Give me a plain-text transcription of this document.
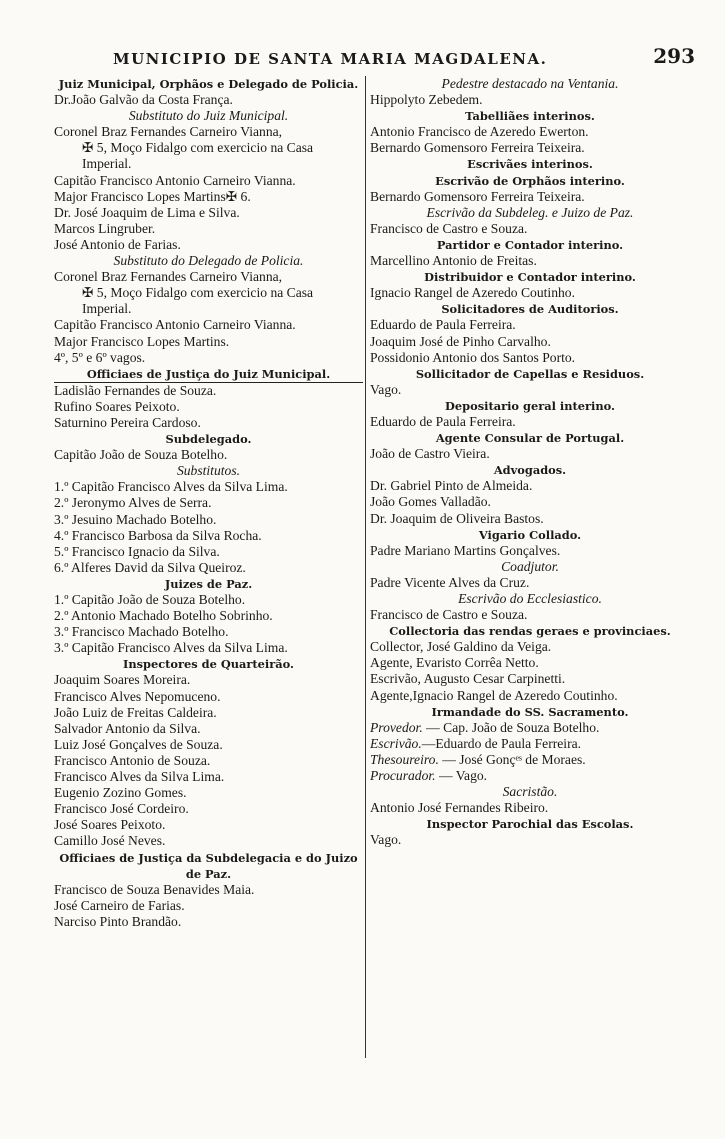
MUNICIPIO DE SANTA MARIA MAGDALENA.	293
Juiz Municipal, Orphãos e Delegado de Policia.
Dr.João Galvão da Costa França.
Substituto do Juiz Municipal.
Coronel Braz Fernandes Carneiro Vianna,
✠ 5, Moço Fidalgo com exercicio na Casa
Imperial.
Capitão Francisco Antonio Carneiro Vianna.
Major Francisco Lopes Martins✠ 6.
Dr. José Joaquim de Lima e Silva.
Marcos Lingruber.
José Antonio de Farias.
Substituto do Delegado de Policia.
Coronel Braz Fernandes Carneiro Vianna,
✠ 5, Moço Fidalgo com exercicio na Casa
Imperial.
Capitão Francisco Antonio Carneiro Vianna.
Major Francisco Lopes Martins.
4º, 5º e 6º vagos.
Officiaes de Justiça do Juiz Municipal.
Ladislão Fernandes de Souza.
Rufino Soares Peixoto.
Saturnino Pereira Cardoso.
Subdelegado.
Capitão João de Souza Botelho.
Substitutos.
1.º Capitão Francisco Alves da Silva Lima.
2.º Jeronymo Alves de Serra.
3.º Jesuino Machado Botelho.
4.º Francisco Barbosa da Silva Rocha.
5.º Francisco Ignacio da Silva.
6.º Alferes David da Silva Queiroz.
Juizes de Paz.
1.º Capitão João de Souza Botelho.
2.º Antonio Machado Botelho Sobrinho.
3.º Francisco Machado Botelho.
3.º Capitão Francisco Alves da Silva Lima.
Inspectores de Quarteirão.
Joaquim Soares Moreira.
Francisco Alves Nepomuceno.
João Luiz de Freitas Caldeira.
Salvador Antonio da Silva.
Luiz José Gonçalves de Souza.
Francisco Antonio de Souza.
Francisco Alves da Silva Lima.
Eugenio Zozino Gomes.
Francisco José Cordeiro.
José Soares Peixoto.
Camillo José Neves.
Officiaes de Justiça da Subdelegacia e do Juizo de Paz.
Francisco de Souza Benavides Maia.
José Carneiro de Farias.
Narciso Pinto Brandão.
Pedestre destacado na Ventania.
Hippolyto Zebedem.
Tabelliães interinos.
Antonio Francisco de Azeredo Ewerton.
Bernardo Gomensoro Ferreira Teixeira.
Escrivães interinos.
Escrivão de Orphãos interino.
Bernardo Gomensoro Ferreira Teixeira.
Escrivão da Subdeleg. e Juizo de Paz.
Francisco de Castro e Souza.
Partidor e Contador interino.
Marcellino Antonio de Freitas.
Distribuidor e Contador interino.
Ignacio Rangel de Azeredo Coutinho.
Solicitadores de Auditorios.
Eduardo de Paula Ferreira.
Joaquim José de Pinho Carvalho.
Possidonio Antonio dos Santos Porto.
Sollicitador de Capellas e Residuos.
Vago.
Depositario geral interino.
Eduardo de Paula Ferreira.
Agente Consular de Portugal.
João de Castro Vieira.
Advogados.
Dr. Gabriel Pinto de Almeida.
João Gomes Valladão.
Dr. Joaquim de Oliveira Bastos.
Vigario Collado.
Padre Mariano Martins Gonçalves.
Coadjutor.
Padre Vicente Alves da Cruz.
Escrivão do Ecclesiastico.
Francisco de Castro e Souza.
Collectoria das rendas geraes e provinciaes.
Collector, José Galdino da Veiga.
Agente, Evaristo Corrêa Netto.
Escrivão, Augusto Cesar Carpinetti.
Agente,Ignacio Rangel de Azeredo Coutinho.
Irmandade do SS. Sacramento.
Provedor. — Cap. João de Souza Botelho.
Escrivão.—Eduardo de Paula Ferreira.
Thesoureiro. — José Gonçᵉˢ de Moraes.
Procurador. — Vago.
Sacristão.
Antonio José Fernandes Ribeiro.
Inspector Parochial das Escolas.
Vago.
